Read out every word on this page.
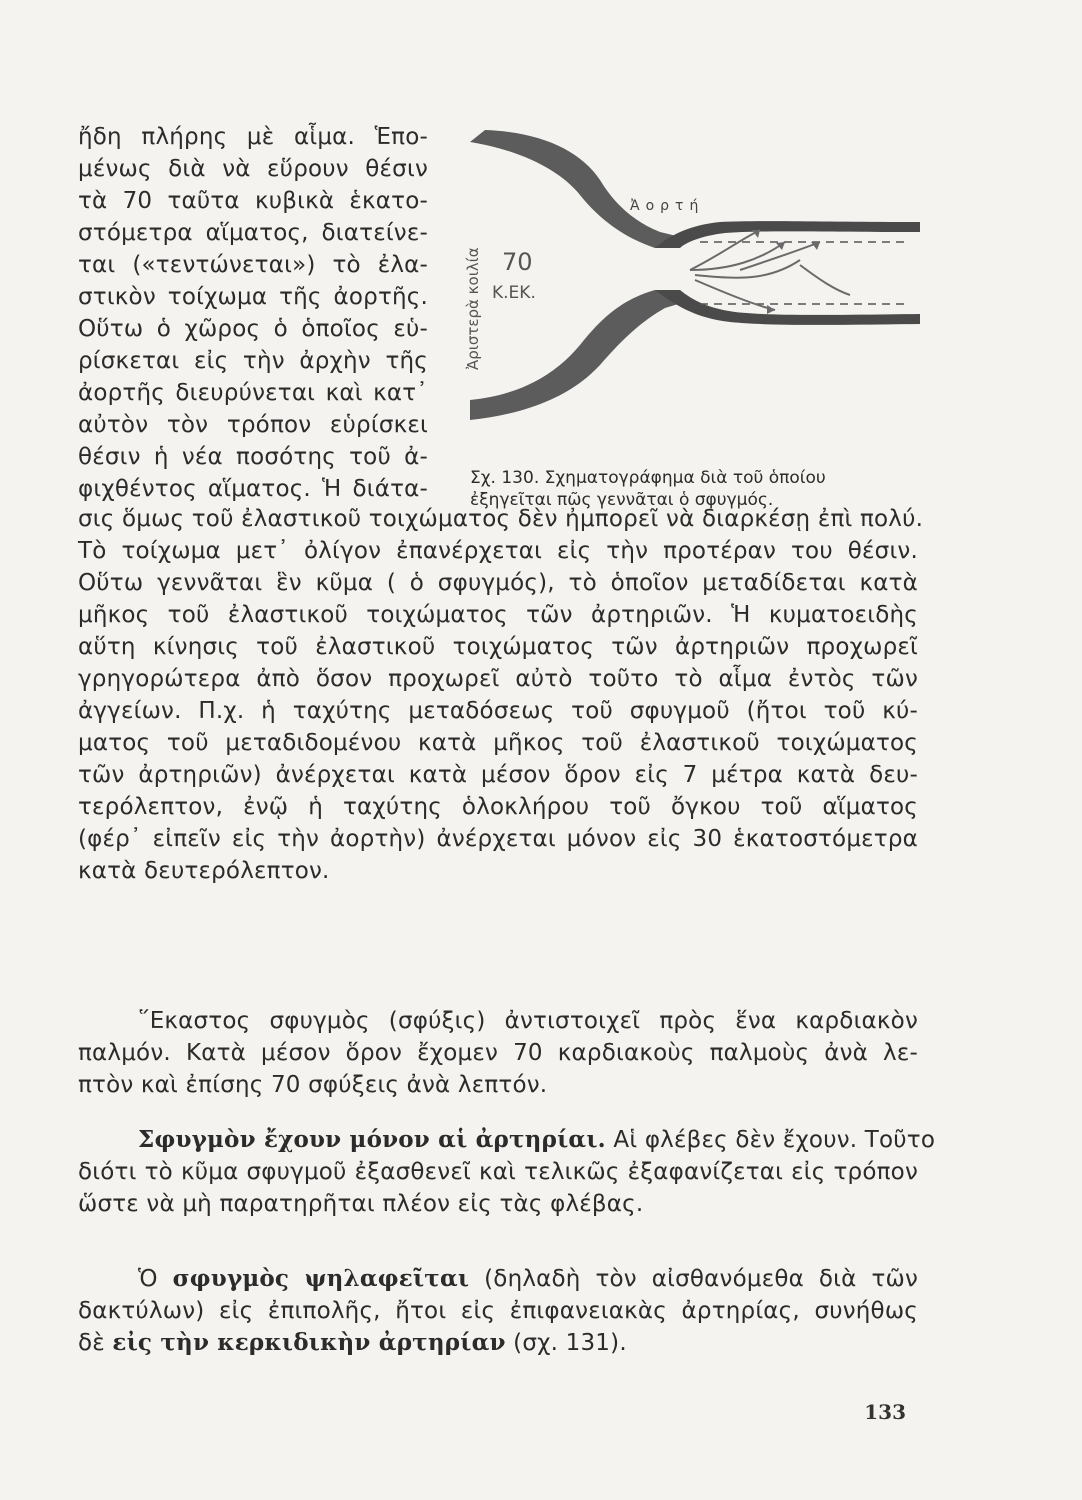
Ἀορτή
70
Κ.ΕΚ.
Ἀριστερὰ κοιλία
Σχ. 130. Σχηματογράφημα διὰ τοῦ ὁποίου
ἐξηγεῖται πῶς γεννᾶται ὁ σφυγμός.
ἤδη πλήρης μὲ αἷμα. Ἑπο-
μένως διὰ νὰ εὕρουν θέσιν
τὰ 70 ταῦτα κυβικὰ ἑκατο-
στόμετρα αἵματος, διατείνε-
ται («τεντώνεται») τὸ ἐλα-
στικὸν τοίχωμα τῆς ἀορτῆς.
Οὕτω ὁ χῶρος ὁ ὁποῖος εὑ-
ρίσκεται εἰς τὴν ἀρχὴν τῆς
ἀορτῆς διευρύνεται καὶ κατ᾿
αὐτὸν τὸν τρόπον εὑρίσκει
θέσιν ἡ νέα ποσότης τοῦ ἀ-
φιχθέντος αἵματος. Ἡ διάτα-
σις ὅμως τοῦ ἐλαστικοῦ τοιχώματος δὲν ἠμπορεῖ νὰ διαρκέσῃ ἐπὶ πολύ.
Τὸ τοίχωμα μετ᾿ ὀλίγον ἐπανέρχεται εἰς τὴν προτέραν του θέσιν.
Οὕτω γεννᾶται ἓν κῦμα ( ὁ σφυγμός), τὸ ὁποῖον μεταδίδεται κατὰ
μῆκος τοῦ ἐλαστικοῦ τοιχώματος τῶν ἀρτηριῶν. Ἡ κυματοειδὴς
αὕτη κίνησις τοῦ ἐλαστικοῦ τοιχώματος τῶν ἀρτηριῶν προχωρεῖ
γρηγορώτερα ἀπὸ ὅσον προχωρεῖ αὐτὸ τοῦτο τὸ αἷμα ἐντὸς τῶν
ἀγγείων. Π.χ. ἡ ταχύτης μεταδόσεως τοῦ σφυγμοῦ (ἤτοι τοῦ κύ-
ματος τοῦ μεταδιδομένου κατὰ μῆκος τοῦ ἐλαστικοῦ τοιχώματος
τῶν ἀρτηριῶν) ἀνέρχεται κατὰ μέσον ὅρον εἰς 7 μέτρα κατὰ δευ-
τερόλεπτον, ἐνῷ ἡ ταχύτης ὁλοκλήρου τοῦ ὄγκου τοῦ αἵματος
(φέρ᾿ εἰπεῖν εἰς τὴν ἀορτὴν) ἀνέρχεται μόνον εἰς 30 ἑκατοστόμετρα
κατὰ δευτερόλεπτον.
῞Εκαστος σφυγμὸς (σφύξις) ἀντιστοιχεῖ πρὸς ἕνα καρδιακὸν
παλμόν. Κατὰ μέσον ὅρον ἔχομεν 70 καρδιακοὺς παλμοὺς ἀνὰ λε-
πτὸν καὶ ἐπίσης 70 σφύξεις ἀνὰ λεπτόν.
Σφυγμὸν ἔχουν μόνον αἱ ἀρτηρίαι. Αἱ φλέβες δὲν ἔχουν. Τοῦτο
διότι τὸ κῦμα σφυγμοῦ ἐξασθενεῖ καὶ τελικῶς ἐξαφανίζεται εἰς τρόπον
ὥστε νὰ μὴ παρατηρῆται πλέον εἰς τὰς φλέβας.
Ὁ σφυγμὸς ψηλαφεῖται (δηλαδὴ τὸν αἰσθανόμεθα διὰ τῶν
δακτύλων) εἰς ἐπιπολῆς, ἤτοι εἰς ἐπιφανειακὰς ἀρτηρίας, συνήθως
δὲ εἰς τὴν κερκιδικὴν ἀρτηρίαν (σχ. 131).
133
